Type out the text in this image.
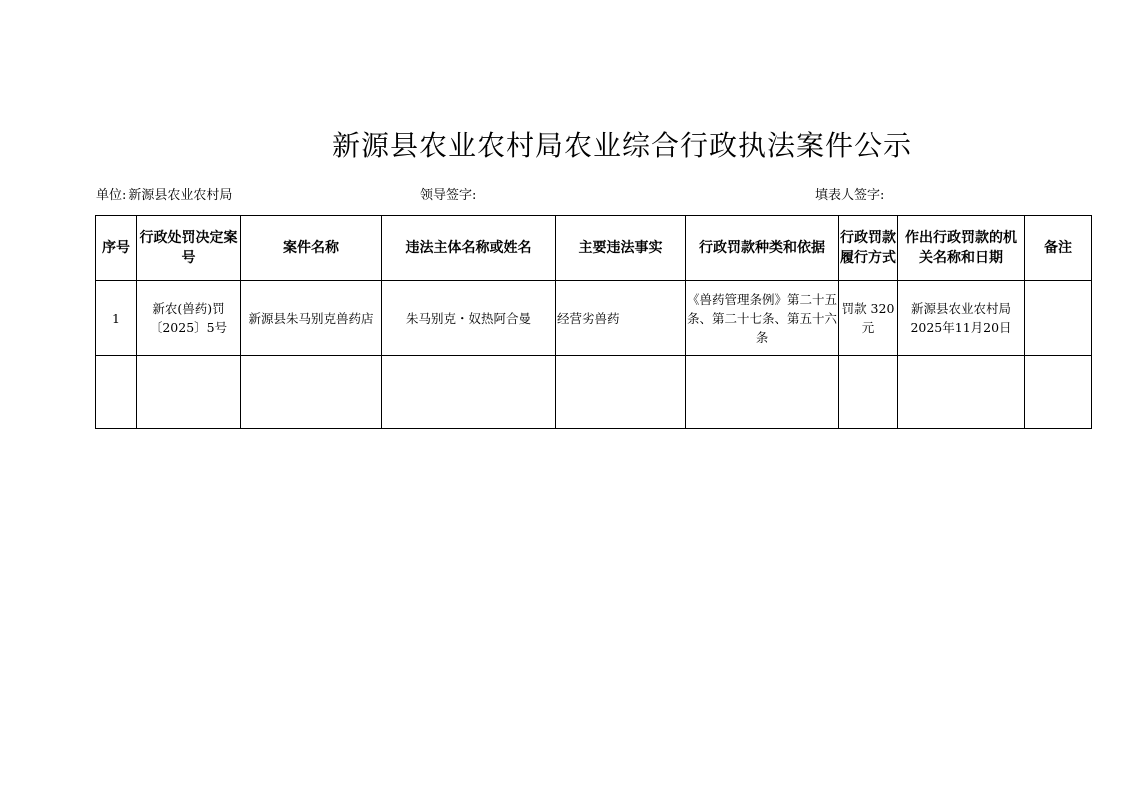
新源县农业农村局农业综合行政执法案件公示
单位: 新源县农业农村局	领导签字:	填表人签字:
序号	行政处罚决定案号	案件名称	违法主体名称或姓名	主要违法事实	行政罚款种类和依据	行政罚款履行方式	作出行政罚款的机关名称和日期	备注
1	新农(兽药)罚〔2025〕5号	新源县朱马别克兽药店	朱马别克・奴热阿合曼	经营劣兽药	《兽药管理条例》第二十五条、第二十七条、第五十六条	罚款 320 元	新源县农业农村局2025年11月20日	
